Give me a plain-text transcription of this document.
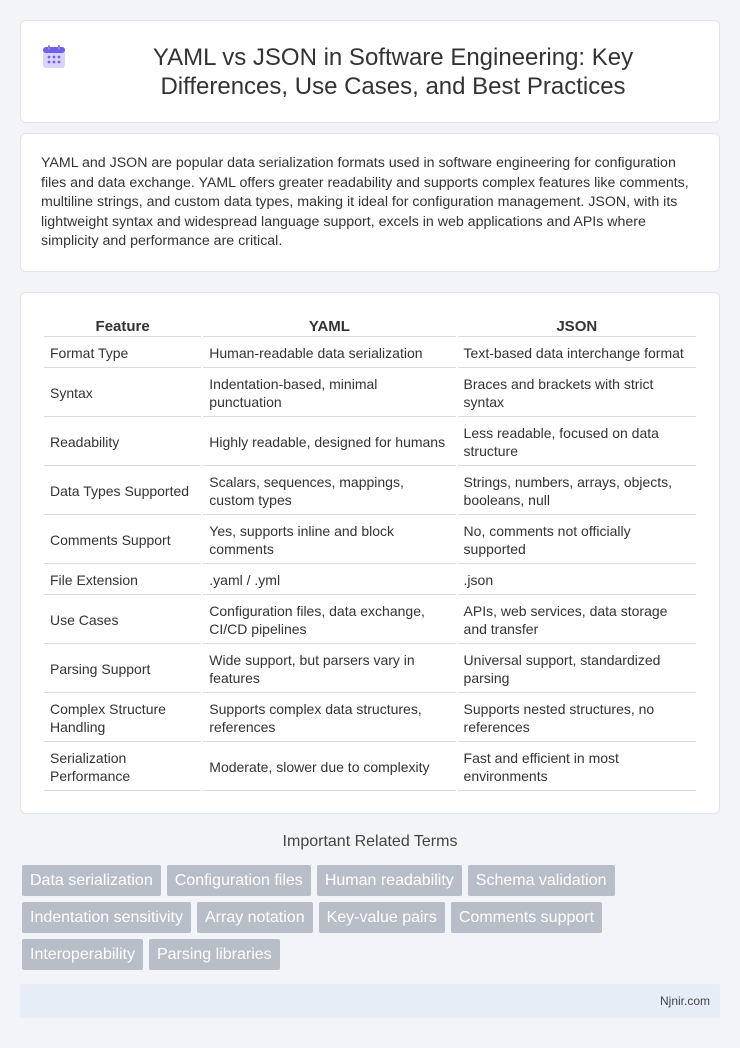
YAML vs JSON in Software Engineering: Key Differences, Use Cases, and Best Practices

YAML and JSON are popular data serialization formats used in software engineering for configuration files and data exchange. YAML offers greater readability and supports complex features like comments, multiline strings, and custom data types, making it ideal for configuration management. JSON, with its lightweight syntax and widespread language support, excels in web applications and APIs where simplicity and performance are critical.

Feature	YAML	JSON
Format Type	Human-readable data serialization	Text-based data interchange format
Syntax	Indentation-based, minimal punctuation	Braces and brackets with strict syntax
Readability	Highly readable, designed for humans	Less readable, focused on data structure
Data Types Supported	Scalars, sequences, mappings, custom types	Strings, numbers, arrays, objects, booleans, null
Comments Support	Yes, supports inline and block comments	No, comments not officially supported
File Extension	.yaml / .yml	.json
Use Cases	Configuration files, data exchange, CI/CD pipelines	APIs, web services, data storage and transfer
Parsing Support	Wide support, but parsers vary in features	Universal support, standardized parsing
Complex Structure Handling	Supports complex data structures, references	Supports nested structures, no references
Serialization Performance	Moderate, slower due to complexity	Fast and efficient in most environments
Important Related Terms
Data serialization	Configuration files	Human readability	Schema validation
Indentation sensitivity	Array notation	Key-value pairs	Comments support
Interoperability	Parsing libraries
Njnir.com
